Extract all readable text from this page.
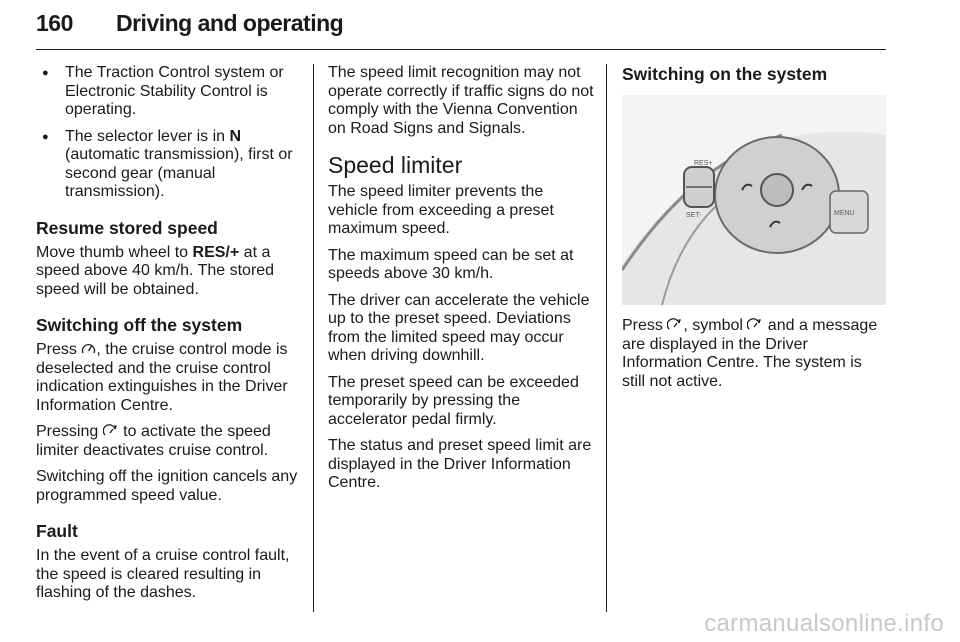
160 Driving and operating
● The Traction Control system or Electronic Stability Control is operating.
● The selector lever is in N (automatic transmission), first or second gear (manual transmission).
Resume stored speed

Move thumb wheel to RES/+ at a speed above 40 km/h. The stored speed will be obtained.

Switching off the system

Press , the cruise control mode is deselected and the cruise control indication extinguishes in the Driver Information Centre.

Pressing  to activate the speed limiter deactivates cruise control.

Switching off the ignition cancels any programmed speed value.

Fault

In the event of a cruise control fault, the speed is cleared resulting in flashing of the dashes.

The speed limit recognition may not operate correctly if traffic signs do not comply with the Vienna Convention on Road Signs and Signals.

Speed limiter

The speed limiter prevents the vehicle from exceeding a preset maximum speed.

The maximum speed can be set at speeds above 30 km/h.

The driver can accelerate the vehicle up to the preset speed. Deviations from the limited speed may occur when driving downhill.

The preset speed can be exceeded temporarily by pressing the accelerator pedal firmly.

The status and preset speed limit are displayed in the Driver Information Centre.

Switching on the system
RES+
SET-	MENU

Press , symbol  and a message are displayed in the Driver Information Centre. The system is still not active.

carmanualsonline.info
